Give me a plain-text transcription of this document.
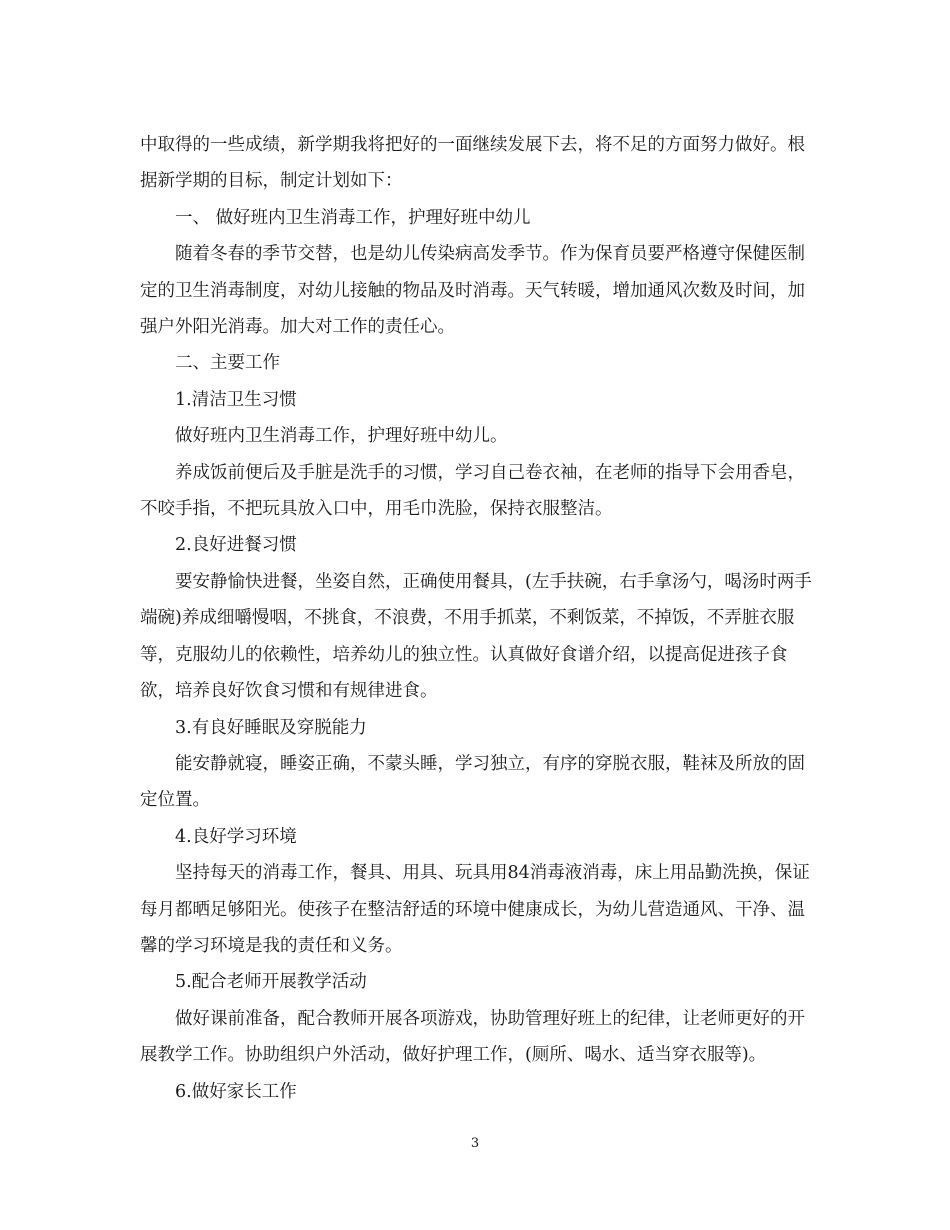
中取得的一些成绩，新学期我将把好的一面继续发展下去，将不足的方面努力做好。根据新学期的目标，制定计划如下：

一、 做好班内卫生消毒工作，护理好班中幼儿

随着冬春的季节交替，也是幼儿传染病高发季节。作为保育员要严格遵守保健医制定的卫生消毒制度，对幼儿接触的物品及时消毒。天气转暖，增加通风次数及时间，加强户外阳光消毒。加大对工作的责任心。

二、主要工作

1.清洁卫生习惯

做好班内卫生消毒工作，护理好班中幼儿。

养成饭前便后及手脏是洗手的习惯，学习自己卷衣袖，在老师的指导下会用香皂，不咬手指，不把玩具放入口中，用毛巾洗脸，保持衣服整洁。

2.良好进餐习惯

要安静愉快进餐，坐姿自然，正确使用餐具，(左手扶碗，右手拿汤勺，喝汤时两手端碗)养成细嚼慢咽，不挑食，不浪费，不用手抓菜，不剩饭菜，不掉饭，不弄脏衣服等，克服幼儿的依赖性，培养幼儿的独立性。认真做好食谱介绍，以提高促进孩子食欲，培养良好饮食习惯和有规律进食。

3.有良好睡眠及穿脱能力

能安静就寝，睡姿正确，不蒙头睡，学习独立，有序的穿脱衣服，鞋袜及所放的固定位置。

4.良好学习环境

坚持每天的消毒工作，餐具、用具、玩具用84消毒液消毒，床上用品勤洗换，保证每月都晒足够阳光。使孩子在整洁舒适的环境中健康成长，为幼儿营造通风、干净、温馨的学习环境是我的责任和义务。

5.配合老师开展教学活动

做好课前准备，配合教师开展各项游戏，协助管理好班上的纪律，让老师更好的开展教学工作。协助组织户外活动，做好护理工作，(厕所、喝水、适当穿衣服等)。

6.做好家长工作

3
